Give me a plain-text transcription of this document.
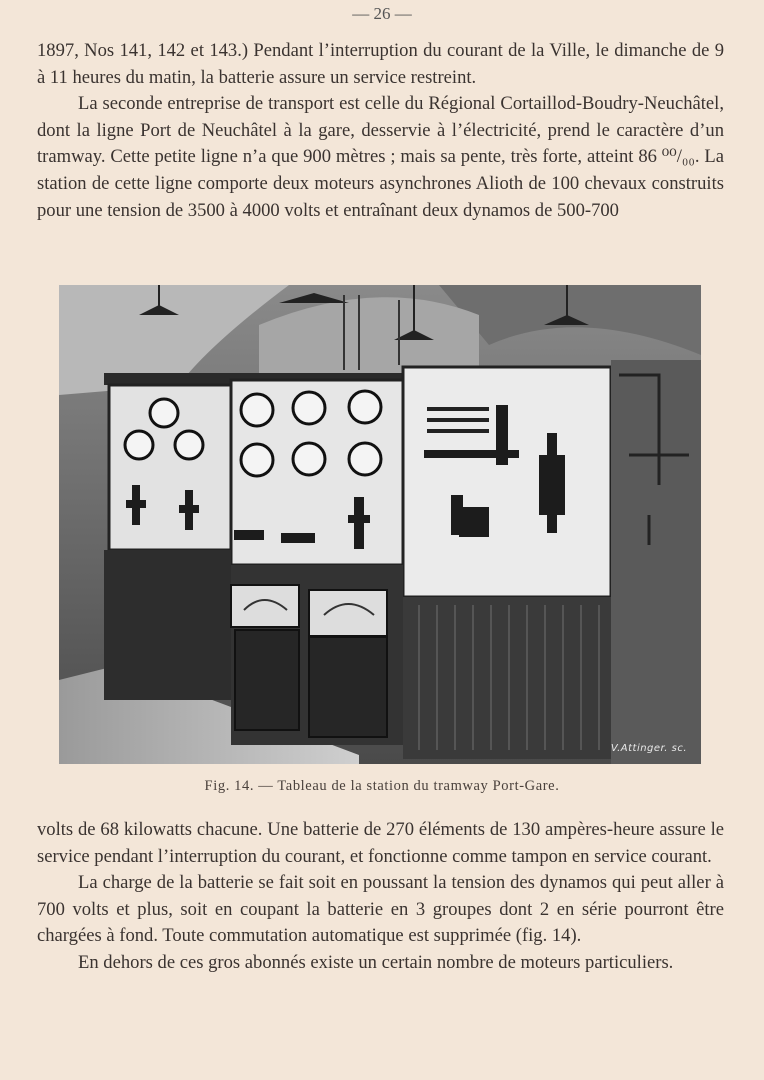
— 26 —

1897, Nos 141, 142 et 143.) Pendant l’interruption du courant de la Ville, le dimanche de 9 à 11 heures du matin, la batterie assure un service restreint.

La seconde entreprise de transport est celle du Régional Cortaillod-Boudry-Neuchâtel, dont la ligne Port de Neuchâtel à la gare, desservie à l’électricité, prend le caractère d’un tramway. Cette petite ligne n’a que 900 mètres ; mais sa pente, très forte, atteint 86 ⁰⁰/₀₀. La station de cette ligne comporte deux moteurs asynchrones Alioth de 100 chevaux construits pour une tension de 3500 à 4000 volts et entraînant deux dynamos de 500-700

V.Attinger. sc.
Fig. 14. — Tableau de la station du tramway Port-Gare.

volts de 68 kilowatts chacune. Une batterie de 270 éléments de 130 ampères-heure assure le service pendant l’interruption du courant, et fonctionne comme tampon en service courant.

La charge de la batterie se fait soit en poussant la tension des dynamos qui peut aller à 700 volts et plus, soit en coupant la batterie en 3 groupes dont 2 en série pourront être chargées à fond. Toute commutation automatique est supprimée (fig. 14).

En dehors de ces gros abonnés existe un certain nombre de moteurs particuliers.
